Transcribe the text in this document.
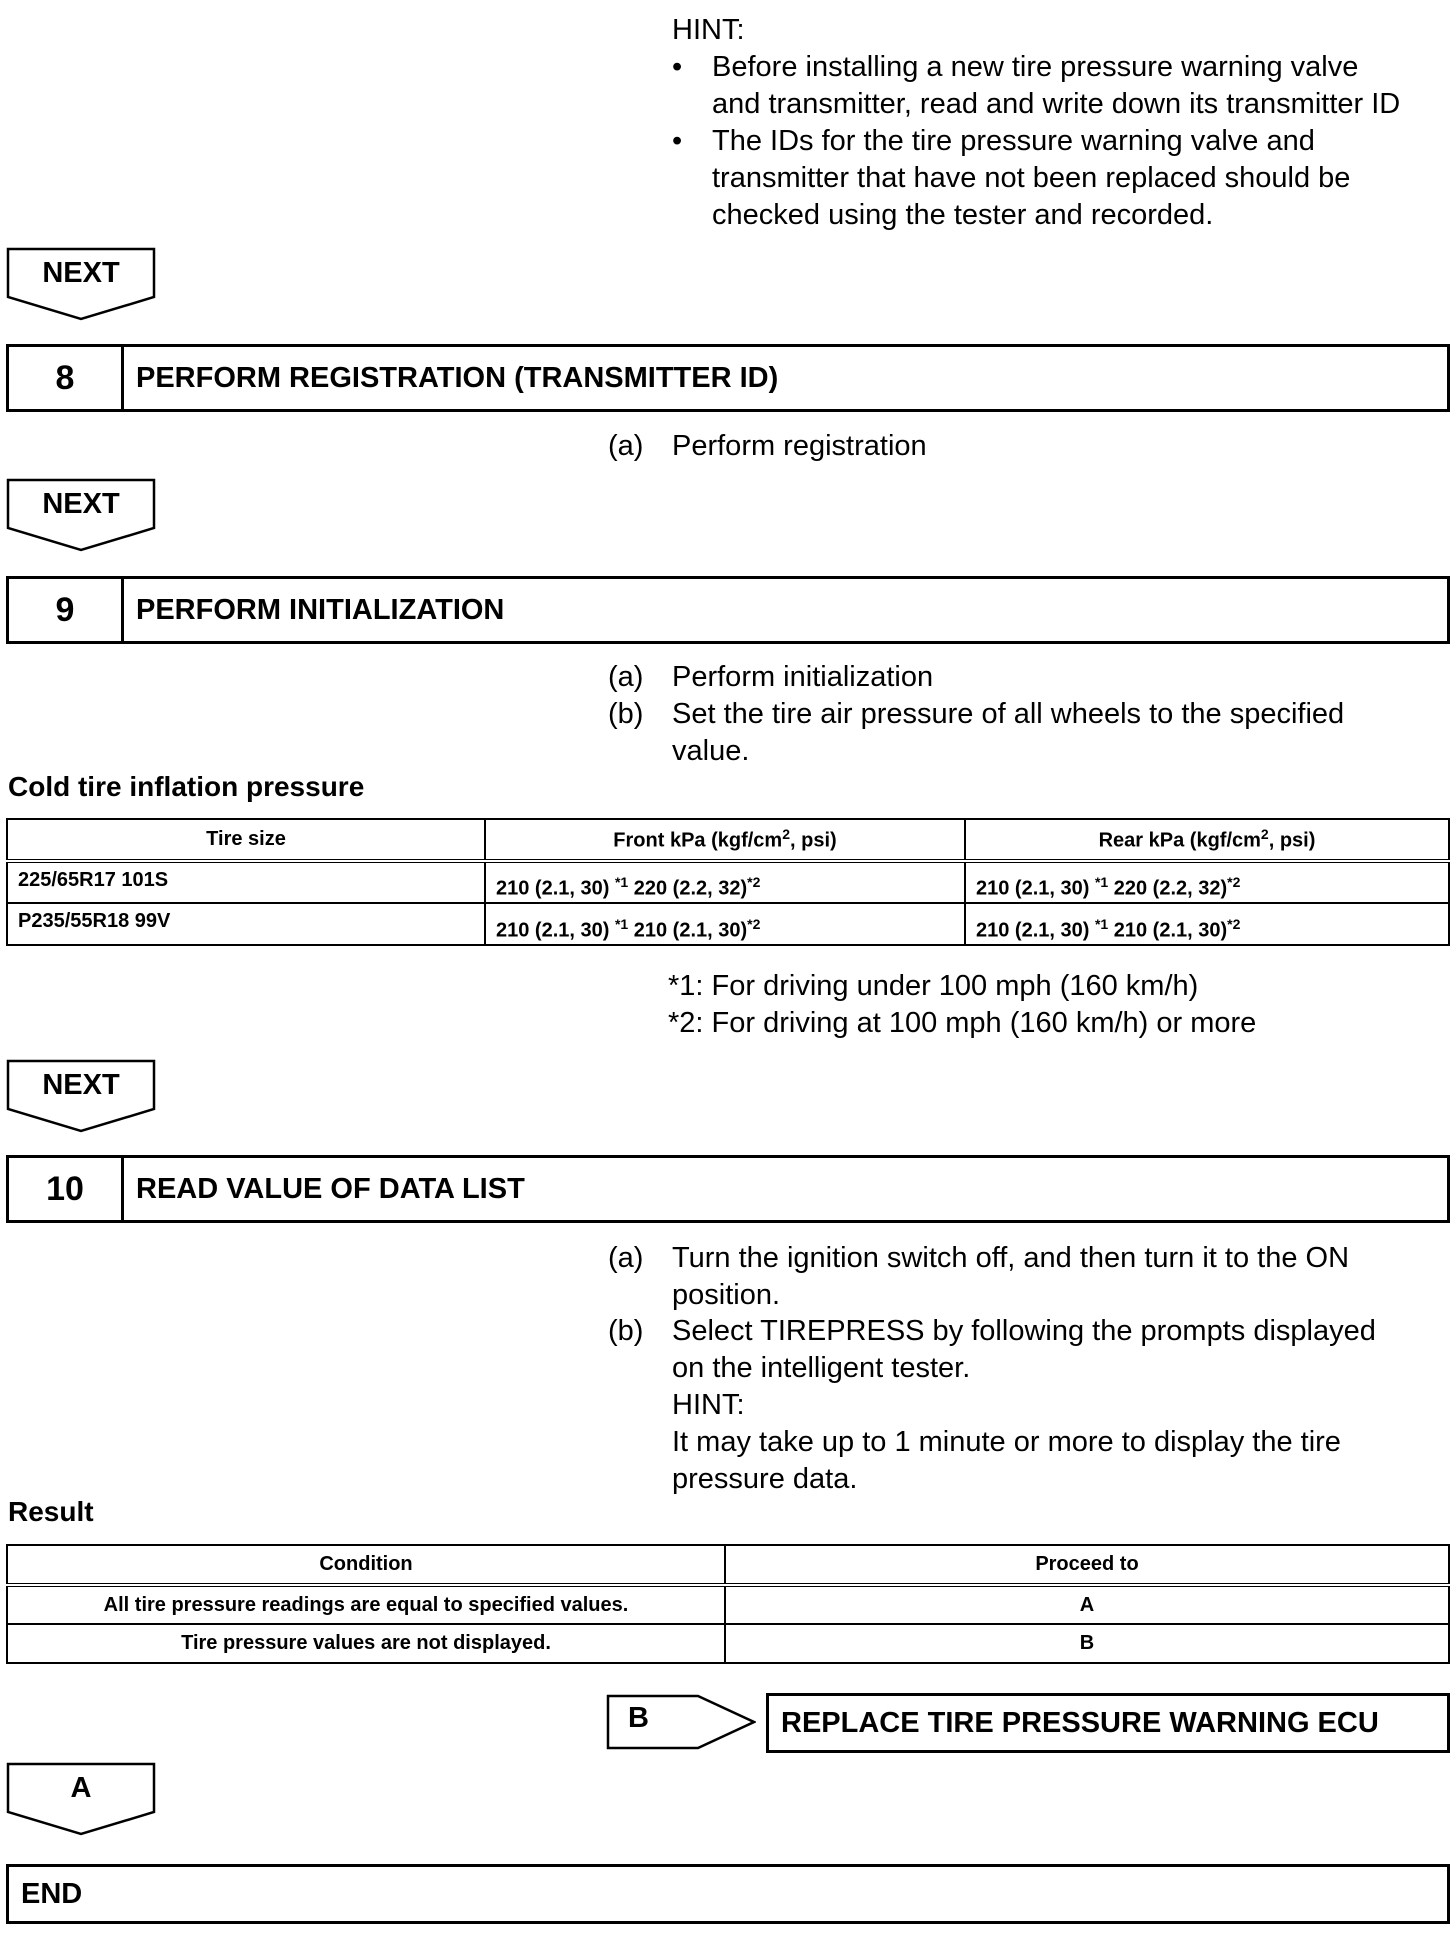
HINT:
• Before installing a new tire pressure warning valve
and transmitter, read and write down its transmitter ID
• The IDs for the tire pressure warning valve and
transmitter that have not been replaced should be
checked using the tester and recorded.
NEXT
8	PERFORM REGISTRATION (TRANSMITTER ID)
(a) Perform registration
NEXT
9	PERFORM INITIALIZATION
(a) Perform initialization
(b) Set the tire air pressure of all wheels to the specified
value.
Cold tire inflation pressure
Tire size	Front kPa ($kgf/cm^2$, psi)	Rear kPa ($kgf/cm^2$, psi)
225/65R17 101S	210 (2.1, 30) $^{*1}$ 220 (2.2, 32)$^{*2}$	210 (2.1, 30) $^{*1}$ 220 (2.2, 32)$^{*2}$
P235/55R18 99V	210 (2.1, 30) $^{*1}$ 210 (2.1, 30)$^{*2}$	210 (2.1, 30) $^{*1}$ 210 (2.1, 30)$^{*2}$
*1: For driving under 100 mph (160 km/h)
*2: For driving at 100 mph (160 km/h) or more
NEXT
10	READ VALUE OF DATA LIST
(a) Turn the ignition switch off, and then turn it to the ON
position.
(b) Select TIREPRESS by following the prompts displayed
on the intelligent tester.
HINT:
It may take up to 1 minute or more to display the tire
pressure data.
Result
Condition	Proceed to
All tire pressure readings are equal to specified values.	A
Tire pressure values are not displayed.	B
B	REPLACE TIRE PRESSURE WARNING ECU
A
END
